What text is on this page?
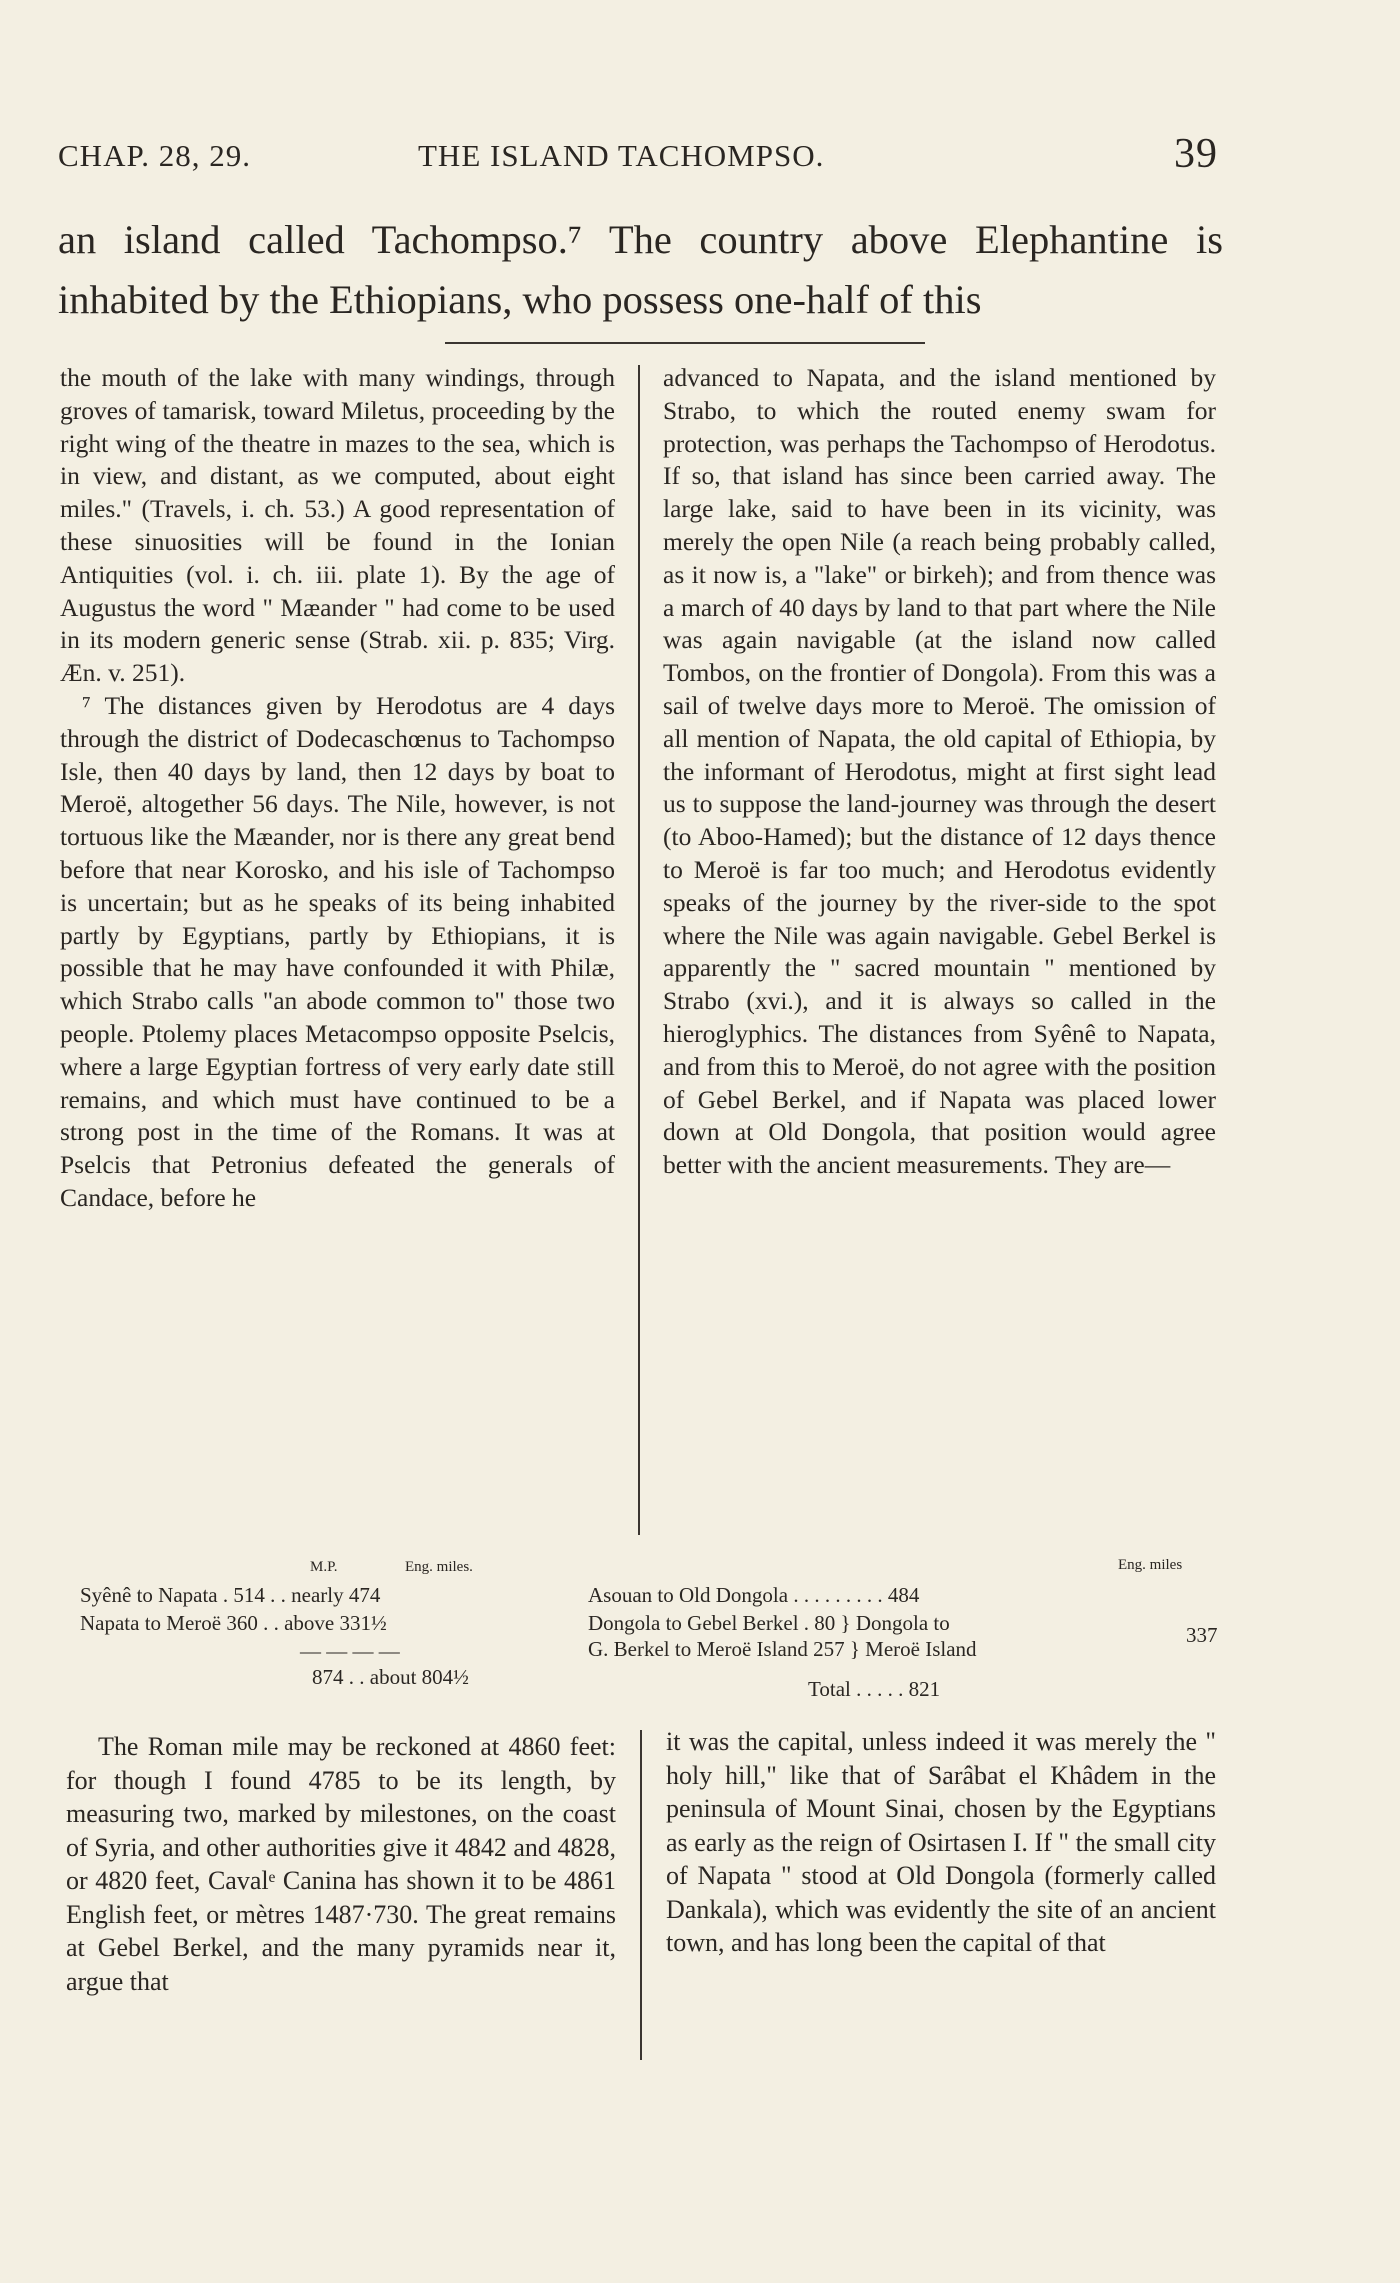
CHAP. 28, 29.	THE ISLAND TACHOMPSO.	39
an island called Tachompso.⁷ The country above Elephantine is inhabited by the Ethiopians, who possess one-half of this

the mouth of the lake with many windings, through groves of tamarisk, toward Miletus, proceeding by the right wing of the theatre in mazes to the sea, which is in view, and distant, as we computed, about eight miles." (Travels, i. ch. 53.) A good representation of these sinuosities will be found in the Ionian Antiquities (vol. i. ch. iii. plate 1). By the age of Augustus the word " Mæander " had come to be used in its modern generic sense (Strab. xii. p. 835; Virg. Æn. v. 251).

⁷ The distances given by Herodotus are 4 days through the district of Dodecaschœnus to Tachompso Isle, then 40 days by land, then 12 days by boat to Meroë, altogether 56 days. The Nile, however, is not tortuous like the Mæander, nor is there any great bend before that near Korosko, and his isle of Tachompso is uncertain; but as he speaks of its being inhabited partly by Egyptians, partly by Ethiopians, it is possible that he may have confounded it with Philæ, which Strabo calls "an abode common to" those two people. Ptolemy places Metacompso opposite Pselcis, where a large Egyptian fortress of very early date still remains, and which must have continued to be a strong post in the time of the Romans. It was at Pselcis that Petronius defeated the generals of Candace, before he

advanced to Napata, and the island mentioned by Strabo, to which the routed enemy swam for protection, was perhaps the Tachompso of Herodotus. If so, that island has since been carried away. The large lake, said to have been in its vicinity, was merely the open Nile (a reach being probably called, as it now is, a "lake" or birkeh); and from thence was a march of 40 days by land to that part where the Nile was again navigable (at the island now called Tombos, on the frontier of Dongola). From this was a sail of twelve days more to Meroë. The omission of all mention of Napata, the old capital of Ethiopia, by the informant of Herodotus, might at first sight lead us to suppose the land-journey was through the desert (to Aboo-Hamed); but the distance of 12 days thence to Meroë is far too much; and Herodotus evidently speaks of the journey by the river-side to the spot where the Nile was again navigable. Gebel Berkel is apparently the " sacred mountain " mentioned by Strabo (xvi.), and it is always so called in the hieroglyphics. The distances from Syênê to Napata, and from this to Meroë, do not agree with the position of Gebel Berkel, and if Napata was placed lower down at Old Dongola, that position would agree better with the ancient measurements. They are—

M.P.	Eng. miles.
Syênê to Napata . 514 . . nearly 474
Napata to Meroë 360 . . above 331½
— — — —
874 . . about 804½
Eng. miles
Asouan to Old Dongola . . . . . . . . . 484
Dongola to Gebel Berkel . 80 } Dongola to
G. Berkel to Meroë Island 257 } Meroë Island
337
Total . . . . . 821

The Roman mile may be reckoned at 4860 feet: for though I found 4785 to be its length, by measuring two, marked by milestones, on the coast of Syria, and other authorities give it 4842 and 4828, or 4820 feet, Cavalᵉ Canina has shown it to be 4861 English feet, or mètres 1487·730. The great remains at Gebel Berkel, and the many pyramids near it, argue that

it was the capital, unless indeed it was merely the " holy hill," like that of Sarâbat el Khâdem in the peninsula of Mount Sinai, chosen by the Egyptians as early as the reign of Osirtasen I. If " the small city of Napata " stood at Old Dongola (formerly called Dankala), which was evidently the site of an ancient town, and has long been the capital of that
